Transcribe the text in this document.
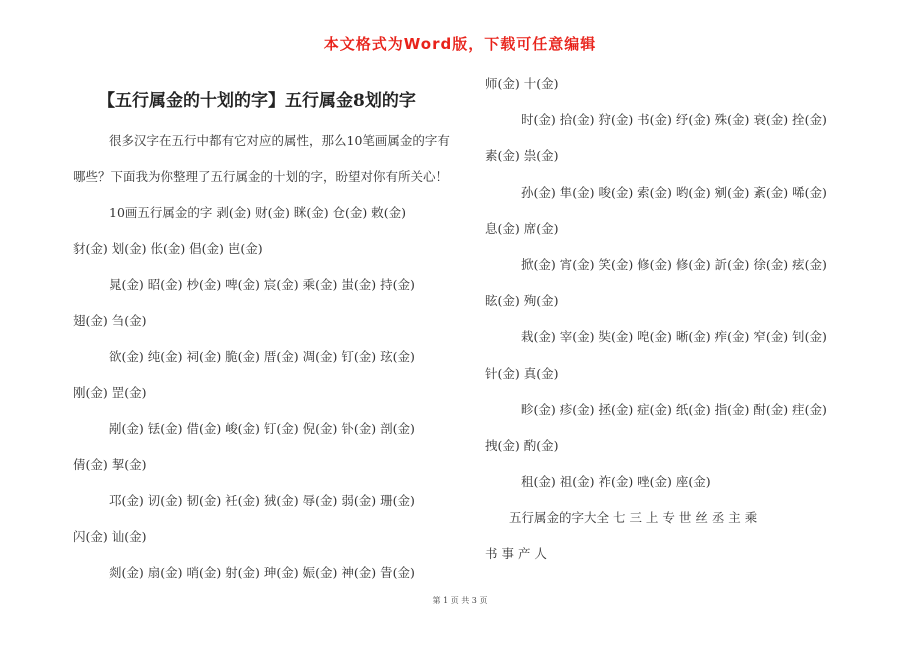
本文格式为Word版，下载可任意编辑
【五行属金的十划的字】五行属金8划的字
很多汉字在五行中都有它对应的属性，那么10笔画属金的字有
哪些？下面我为你整理了五行属金的十划的字，盼望对你有所关心！
10画五行属金的字 剥(金) 财(金) 眯(金) 仓(金) 敕(金)
豺(金) 划(金) 伥(金) 倡(金) 岜(金)
晁(金) 昭(金) 杪(金) 啤(金) 宸(金) 乘(金) 蚩(金) 持(金)
翅(金) 刍(金)
欲(金) 纯(金) 祠(金) 脆(金) 厝(金) 凋(金) 钉(金) 玹(金)
刚(金) 罡(金)
剐(金) 铥(金) 借(金) 峻(金) 钉(金) 倪(金) 钋(金) 剖(金)
倩(金) 挈(金)
邛(金) 讱(金) 韧(金) 衽(金) 狨(金) 辱(金) 弱(金) 珊(金)
闪(金) 讪(金)
剡(金) 扇(金) 哨(金) 射(金) 珅(金) 娠(金) 神(金) 眚(金)
师(金) 十(金)
时(金) 拾(金) 狩(金) 书(金) 纾(金) 殊(金) 衰(金) 拴(金)
素(金) 祟(金)
孙(金) 隼(金) 唆(金) 索(金) 哟(金) 剜(金) 紊(金) 唏(金)
息(金) 席(金)
掀(金) 宵(金) 笑(金) 修(金) 修(金) 訢(金) 徐(金) 痃(金)
眩(金) 殉(金)
栽(金) 宰(金) 奘(金) 唣(金) 晰(金) 痄(金) 窄(金) 钊(金)
针(金) 真(金)
畛(金) 疹(金) 拯(金) 症(金) 纸(金) 指(金) 酎(金) 疰(金)
拽(金) 酌(金)
租(金) 祖(金) 祚(金) 唑(金) 座(金)
五行属金的字大全 七 三 上 专 世 丝 丞 主 乘
书 事 产 人
第 1 页 共 3 页
